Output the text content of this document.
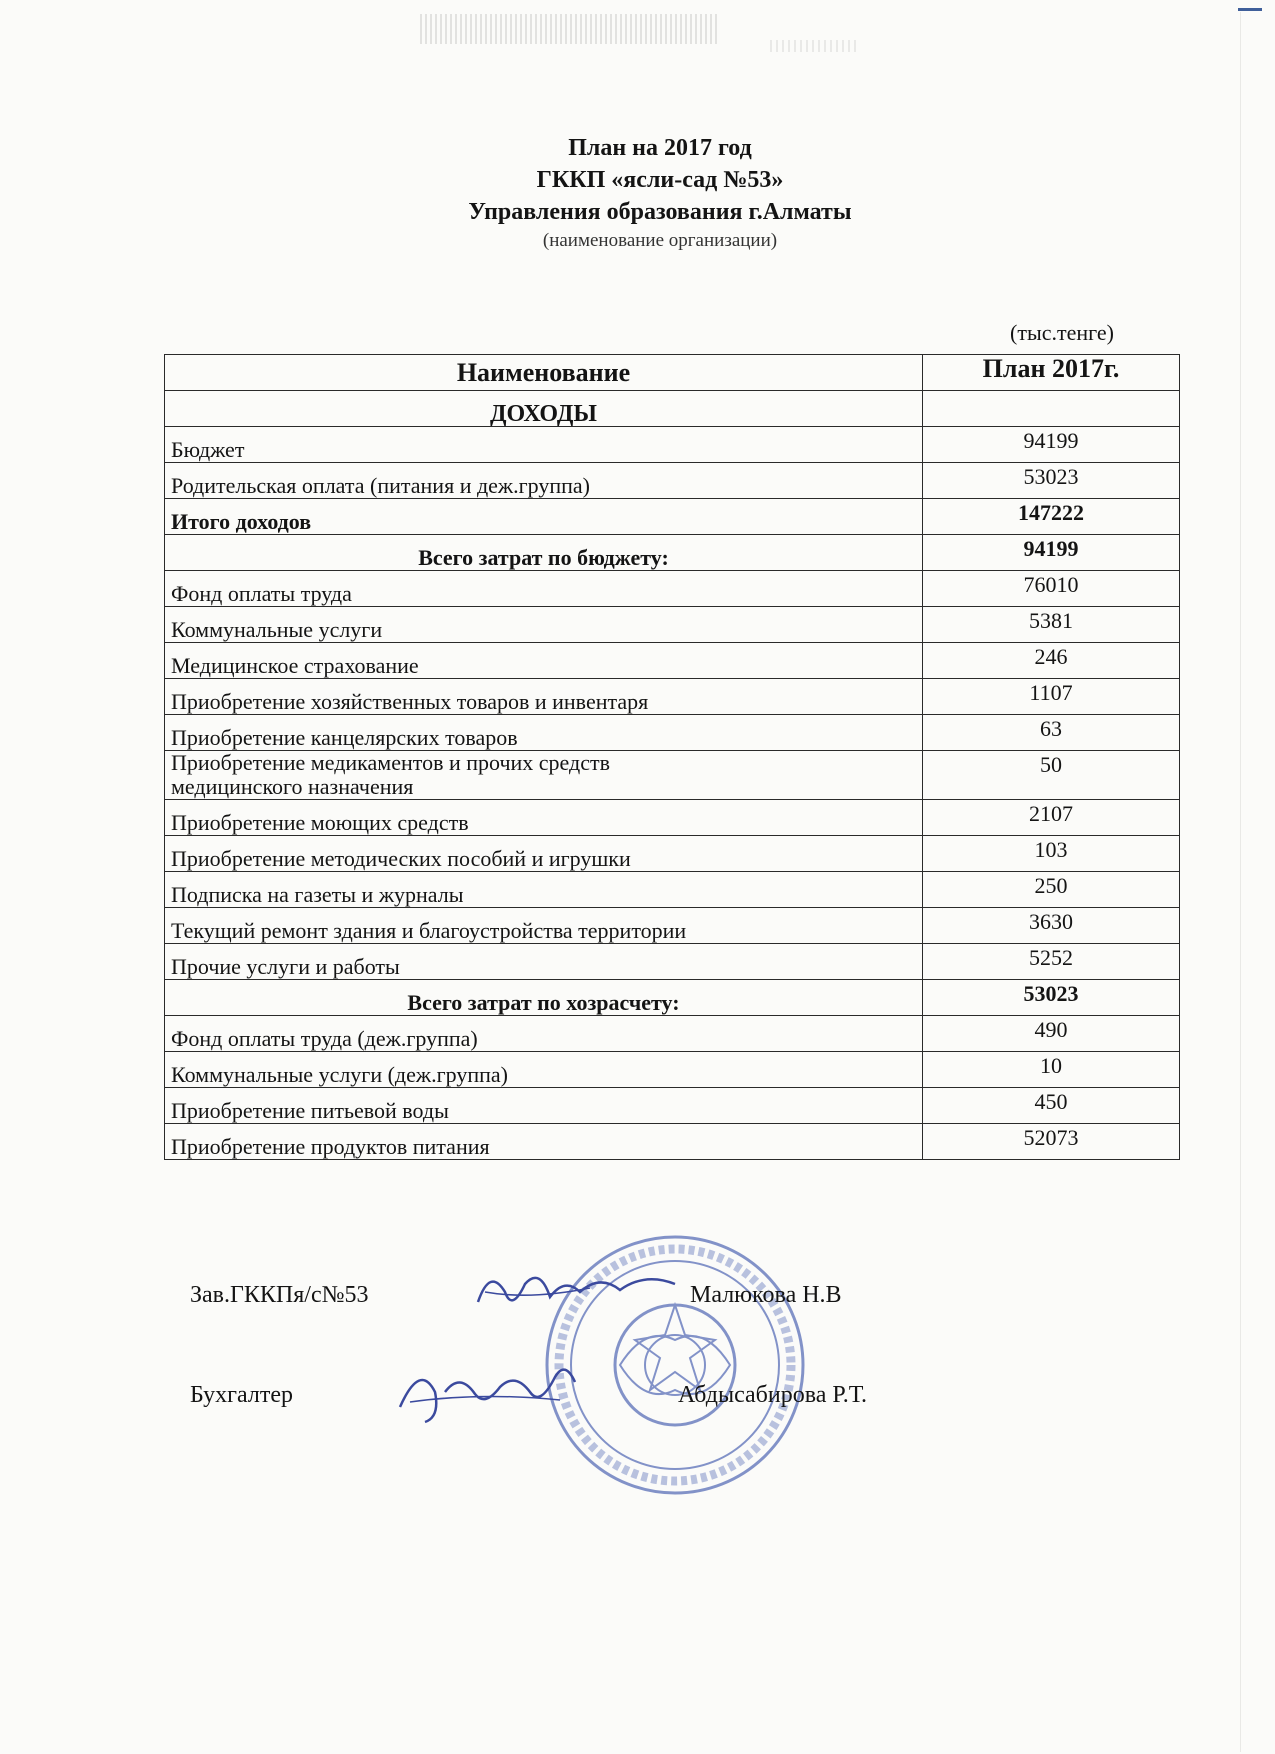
План на 2017 год
ГККП «ясли-сад №53»
Управления образования г.Алматы
(наименование организации)
(тыс.тенге)
Наименование	План 2017г.
ДОХОДЫ	
Бюджет	94199
Родительская оплата (питания и деж.группа)	53023
Итого доходов	147222
Всего затрат по бюджету:	94199
Фонд оплаты труда	76010
Коммунальные услуги	5381
Медицинское страхование	246
Приобретение хозяйственных товаров и инвентаря	1107
Приобретение канцелярских товаров	63
Приобретение медикаментов и прочих средств
медицинского назначения	50
Приобретение моющих средств	2107
Приобретение методических пособий и игрушки	103
Подписка на газеты и журналы	250
Текущий ремонт здания и благоустройства территории	3630
Прочие услуги и работы	5252
Всего затрат по хозрасчету:	53023
Фонд оплаты труда (деж.группа)	490
Коммунальные услуги (деж.группа)	10
Приобретение питьевой воды	450
Приобретение продуктов питания	52073
Зав.ГККПя/с№53	Малюкова Н.В
Бухгалтер	Абдысабирова Р.Т.
